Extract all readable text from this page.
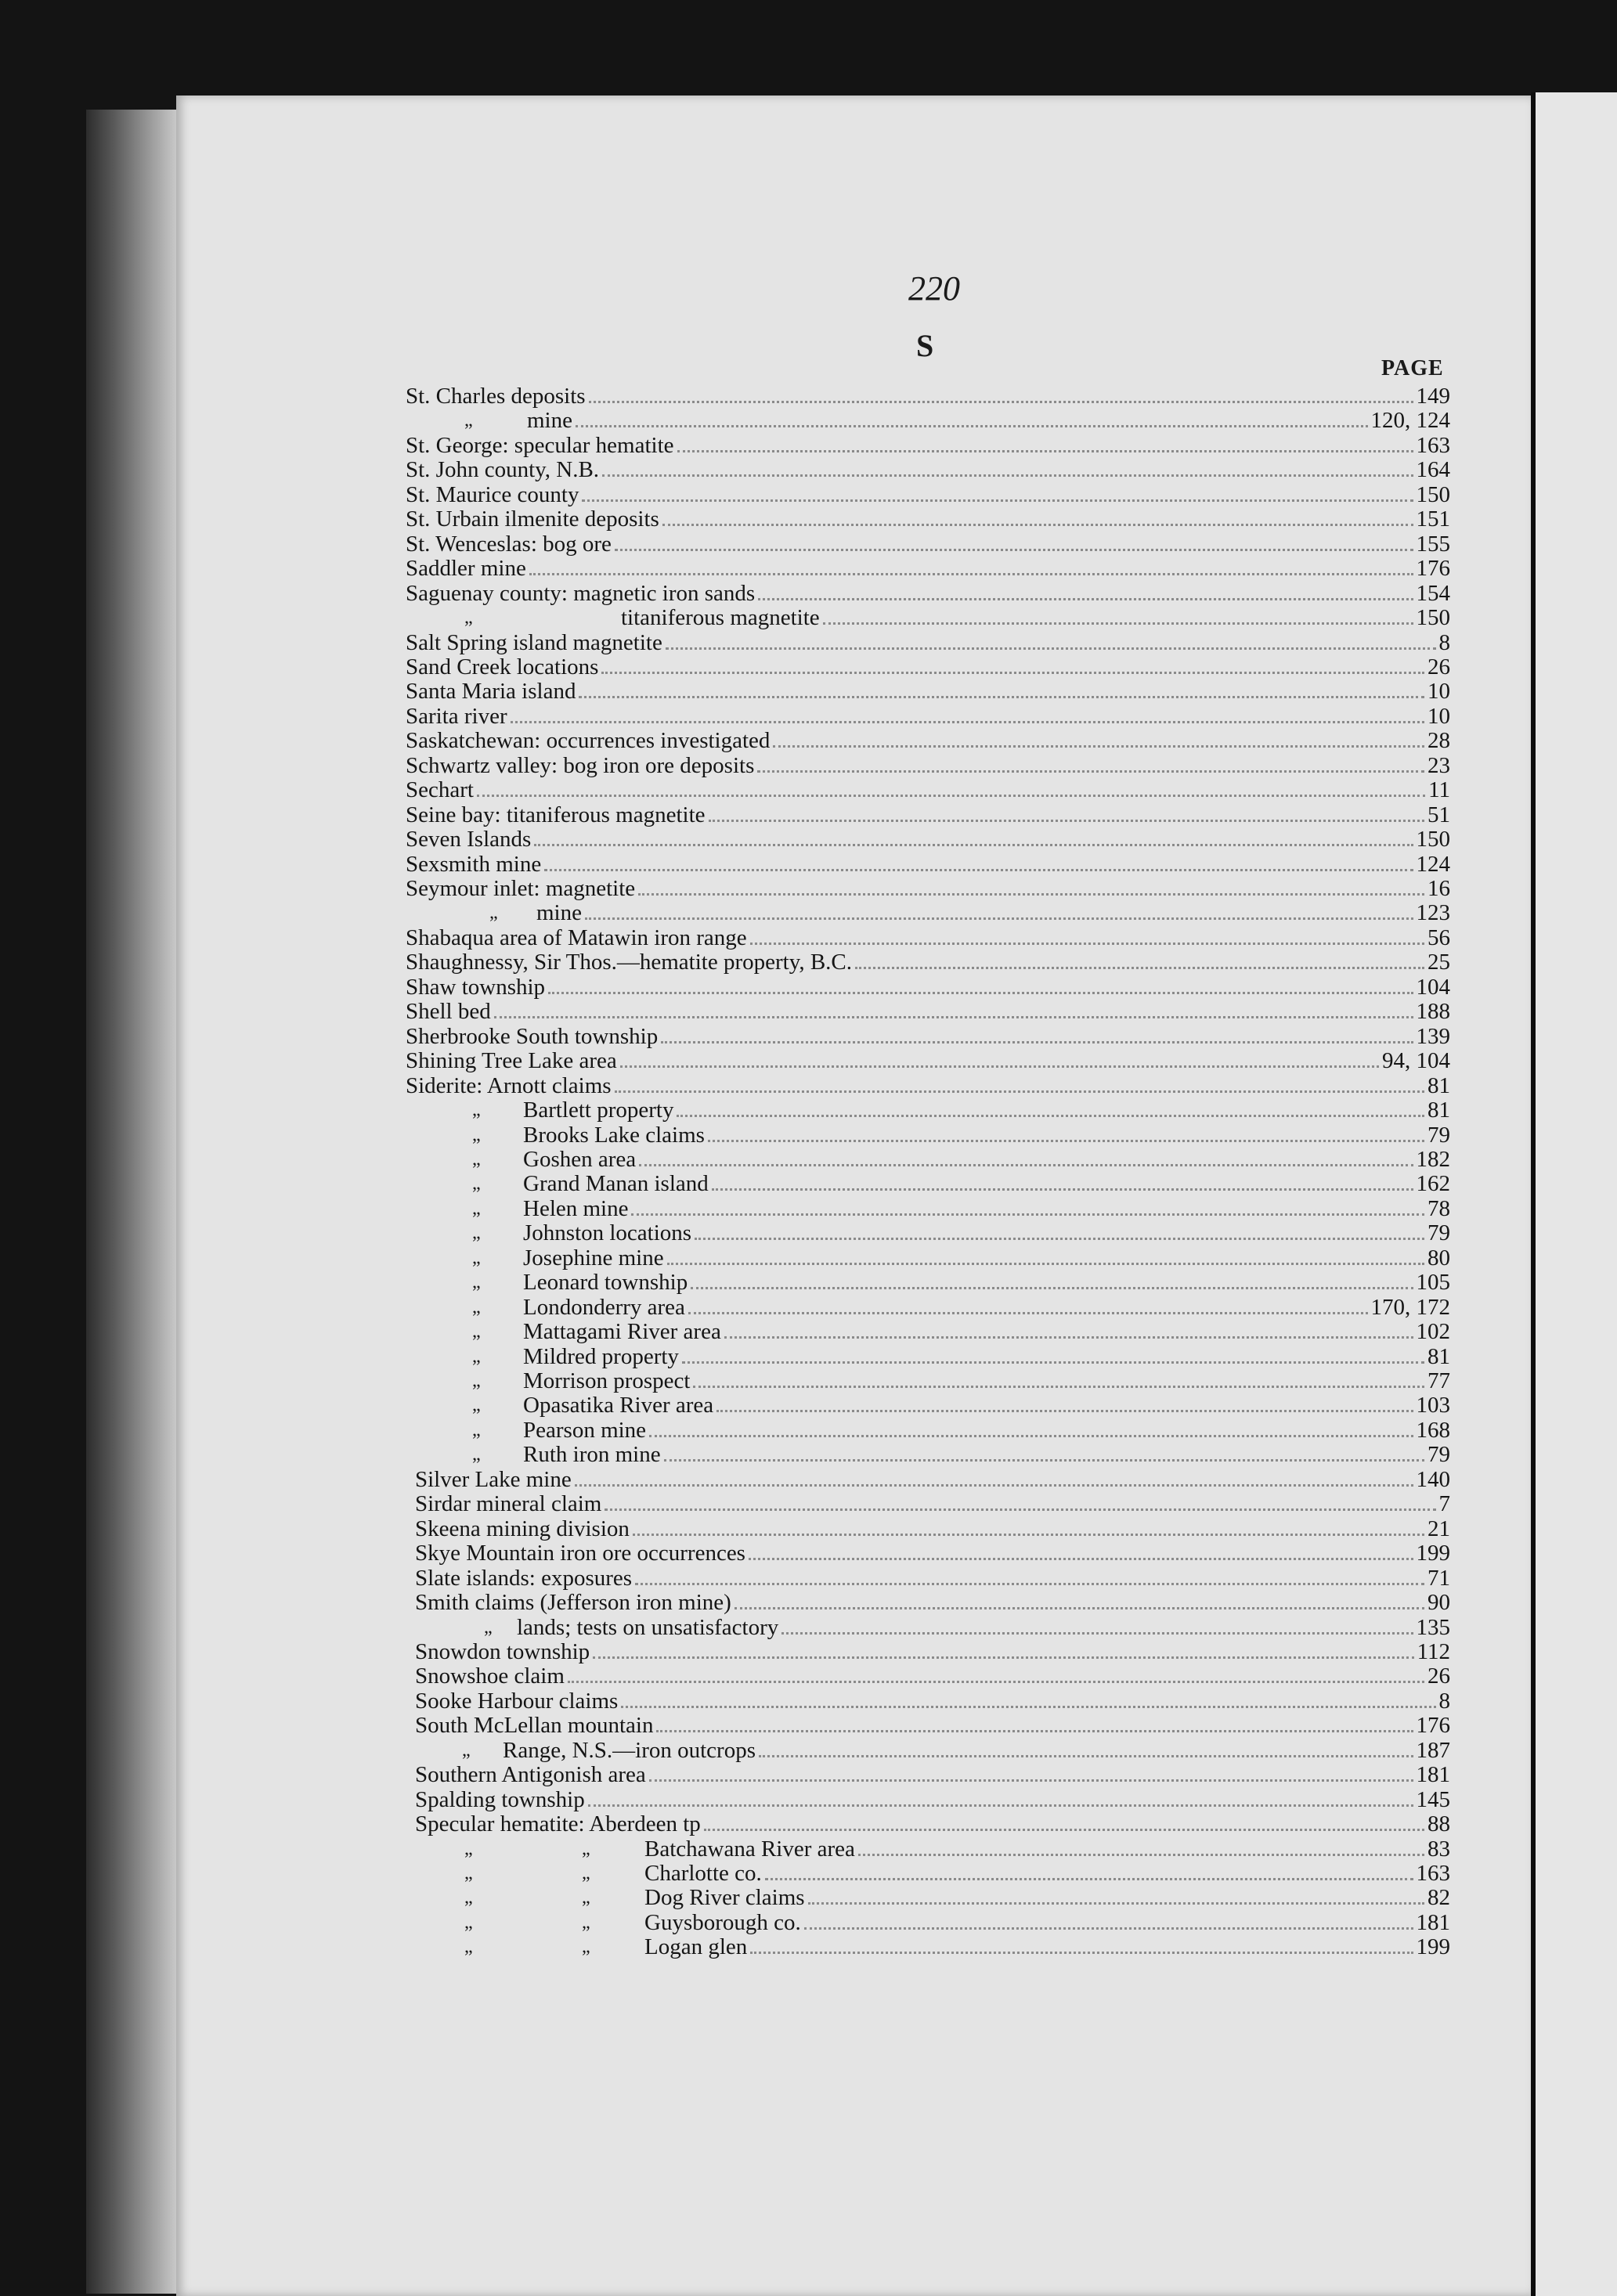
220
S
PAGE
St. Charles deposits	149
„	mine	120, 124
St. George: specular hematite	163
St. John county, N.B.	164
St. Maurice county	150
St. Urbain ilmenite deposits	151
St. Wenceslas: bog ore	155
Saddler mine	176
Saguenay county: magnetic iron sands	154
„	titaniferous magnetite	150
Salt Spring island magnetite	8
Sand Creek locations	26
Santa Maria island	10
Sarita river	10
Saskatchewan: occurrences investigated	28
Schwartz valley: bog iron ore deposits	23
Sechart	11
Seine bay: titaniferous magnetite	51
Seven Islands	150
Sexsmith mine	124
Seymour inlet: magnetite	16
„	mine	123
Shabaqua area of Matawin iron range	56
Shaughnessy, Sir Thos.—hematite property, B.C.	25
Shaw township	104
Shell bed	188
Sherbrooke South township	139
Shining Tree Lake area	94, 104
Siderite: Arnott claims	81
„	Bartlett property	81
„	Brooks Lake claims	79
„	Goshen area	182
„	Grand Manan island	162
„	Helen mine	78
„	Johnston locations	79
„	Josephine mine	80
„	Leonard township	105
„	Londonderry area	170, 172
„	Mattagami River area	102
„	Mildred property	81
„	Morrison prospect	77
„	Opasatika River area	103
„	Pearson mine	168
„	Ruth iron mine	79
Silver Lake mine	140
Sirdar mineral claim	7
Skeena mining division	21
Skye Mountain iron ore occurrences	199
Slate islands: exposures	71
Smith claims (Jefferson iron mine)	90
„	lands; tests on unsatisfactory	135
Snowdon township	112
Snowshoe claim	26
Sooke Harbour claims	8
South McLellan mountain	176
„	Range, N.S.—iron outcrops	187
Southern Antigonish area	181
Spalding township	145
Specular hematite: Aberdeen tp	88
„	„	Batchawana River area	83
„	„	Charlotte co.	163
„	„	Dog River claims	82
„	„	Guysborough co.	181
„	„	Logan glen	199
